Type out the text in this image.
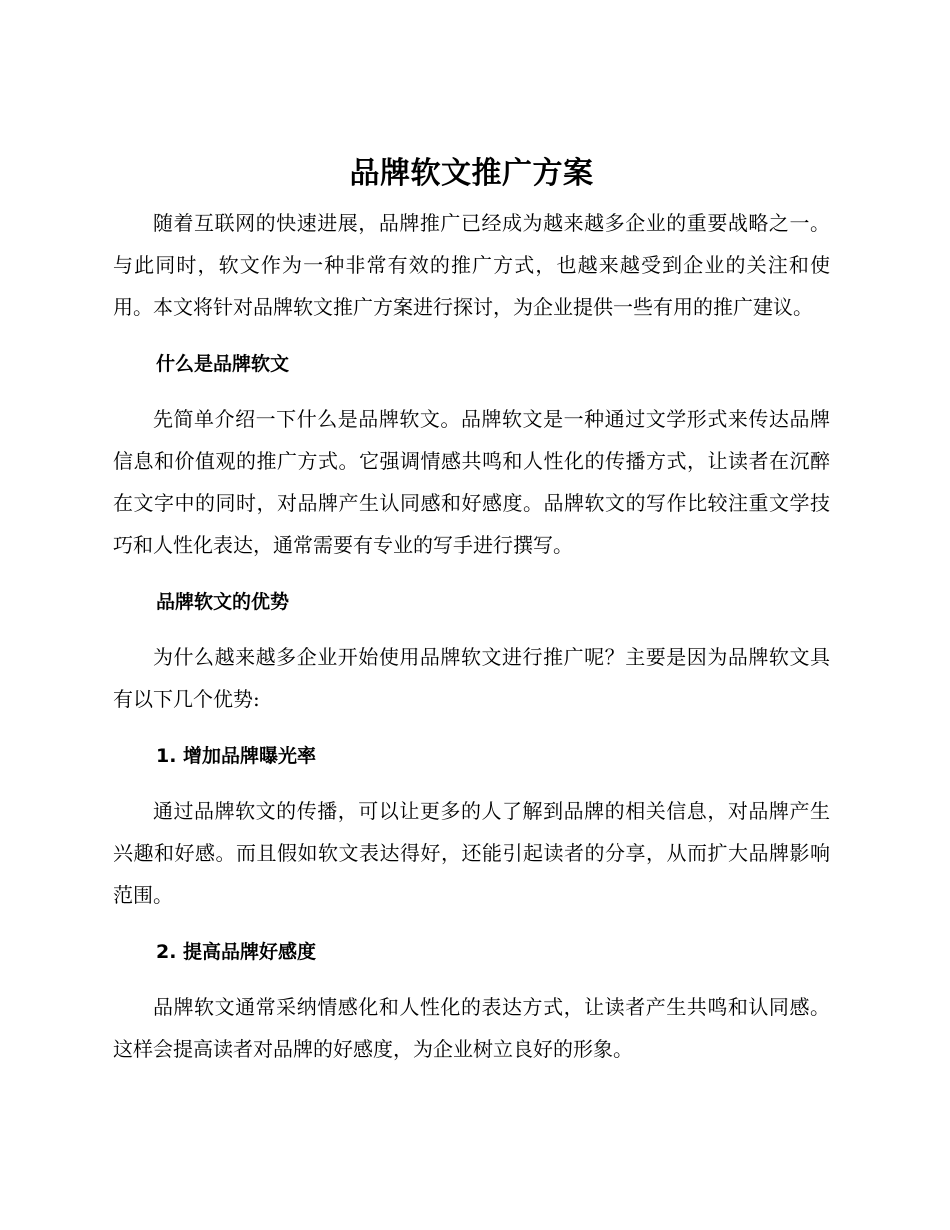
品牌软文推广方案

随着互联网的快速进展，品牌推广已经成为越来越多企业的重要战略之一。与此同时，软文作为一种非常有效的推广方式，也越来越受到企业的关注和使用。本文将针对品牌软文推广方案进行探讨，为企业提供一些有用的推广建议。

什么是品牌软文

先简单介绍一下什么是品牌软文。品牌软文是一种通过文学形式来传达品牌信息和价值观的推广方式。它强调情感共鸣和人性化的传播方式，让读者在沉醉在文字中的同时，对品牌产生认同感和好感度。品牌软文的写作比较注重文学技巧和人性化表达，通常需要有专业的写手进行撰写。

品牌软文的优势

为什么越来越多企业开始使用品牌软文进行推广呢？主要是因为品牌软文具有以下几个优势:

1. 增加品牌曝光率

通过品牌软文的传播，可以让更多的人了解到品牌的相关信息，对品牌产生兴趣和好感。而且假如软文表达得好，还能引起读者的分享，从而扩大品牌影响范围。

2. 提高品牌好感度

品牌软文通常采纳情感化和人性化的表达方式，让读者产生共鸣和认同感。这样会提高读者对品牌的好感度，为企业树立良好的形象。
